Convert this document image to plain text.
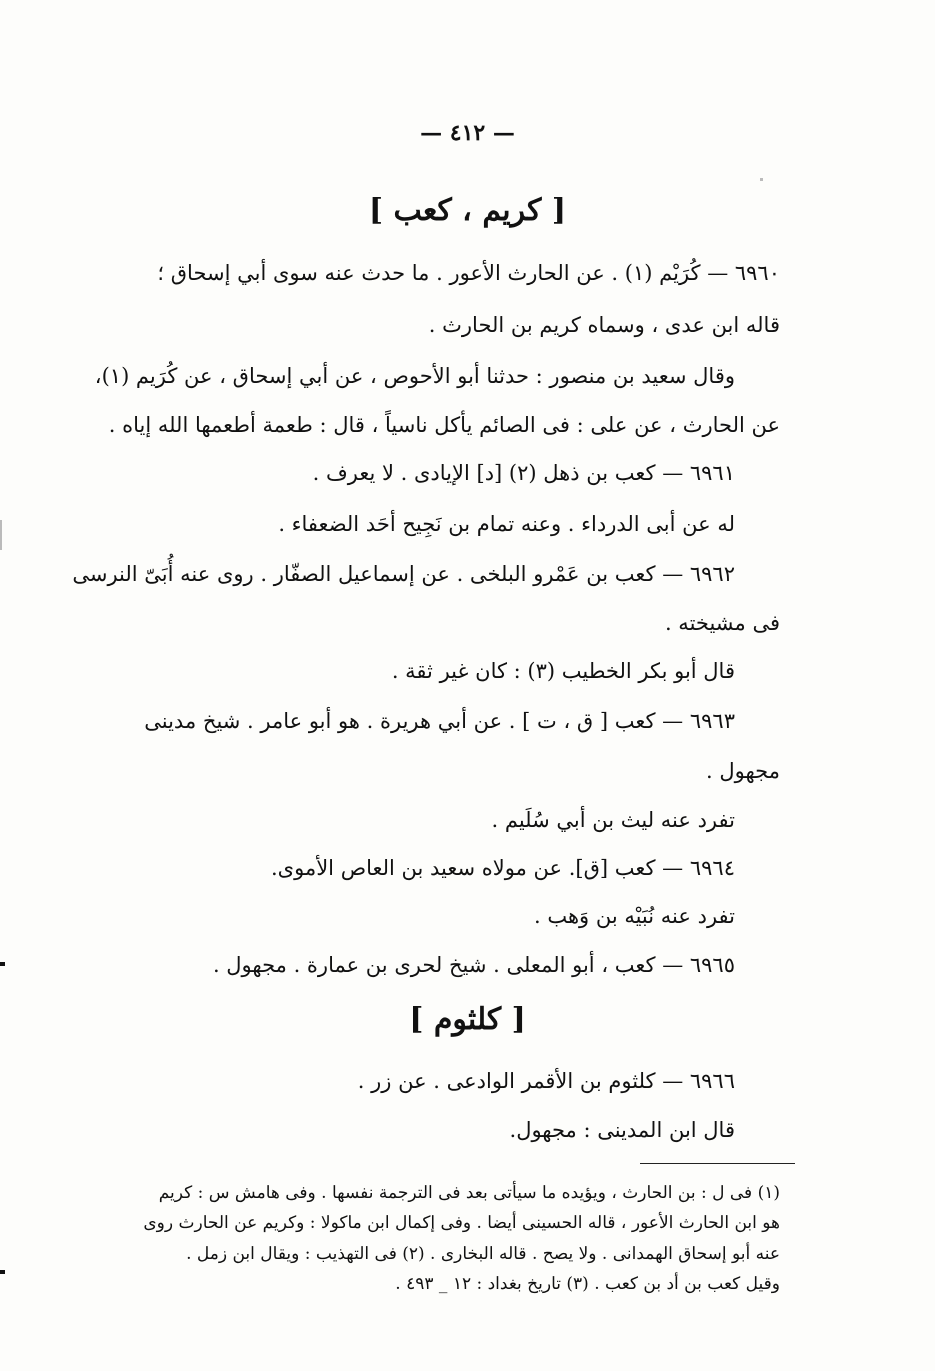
— ٤١٢ —
[ كريم ، كعب ]
٦٩٦٠ — كُرَيْم (١) . عن الحارث الأعور . ما حدث عنه سوى أبي إسحاق ؛
قاله ابن عدى ، وسماه كريم بن الحارث .
وقال سعيد بن منصور : حدثنا أبو الأحوص ، عن أبي إسحاق ، عن كُرَيم (١)،
عن الحارث ، عن على : فى الصائم يأكل ناسياً ، قال : طعمة أطعمها الله إياه .
٦٩٦١ — كعب بن ذهل (٢) [د] الإيادى . لا يعرف .
له عن أبى الدرداء . وعنه تمام بن نَجِيح أحَد الضعفاء .
٦٩٦٢ — كعب بن عَمْرو البلخى . عن إسماعيل الصفّار . روى عنه أُبَىّ النرسى
فى مشيخته .
قال أبو بكر الخطيب (٣) : كان غير ثقة .
٦٩٦٣ — كعب [ ق ، ت ] . عن أبي هريرة . هو أبو عامر . شيخ مدينى
مجهول .
تفرد عنه ليث بن أبي سُلَيم .
٦٩٦٤ — كعب [ق]. عن مولاه سعيد بن العاص الأموى.
تفرد عنه نُبَيْه بن وَهب .
٦٩٦٥ — كعب ، أبو المعلى . شيخ لحرى بن عمارة . مجهول .
[ كلثوم ]
٦٩٦٦ — كلثوم بن الأقمر الوادعى . عن زر .
قال ابن المدينى : مجهول.
(١) فى ل : بن الحارث ، ويؤيده ما سيأتى بعد فى الترجمة نفسها . وفى هامش س : كريم
هو ابن الحارث الأعور ، قاله الحسينى أيضا . وفى إكمال ابن ماكولا : وكريم عن الحارث روى
عنه أبو إسحاق الهمدانى . ولا يصح . قاله البخارى . (٢) فى التهذيب : ويقال ابن زمل .
وقيل كعب بن أد بن كعب . (٣) تاريخ بغداد : ١٢ _ ٤٩٣ .
